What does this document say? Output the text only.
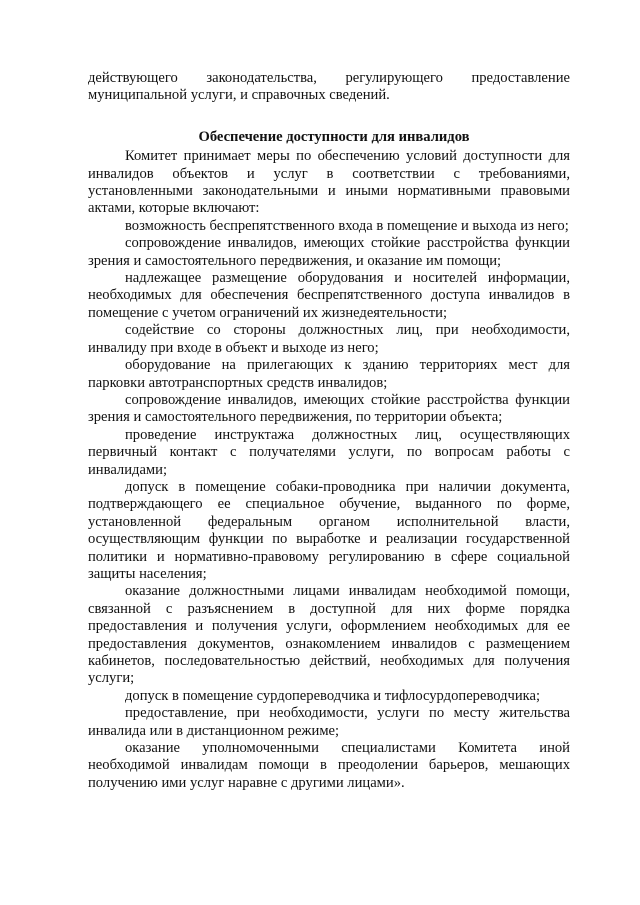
действующего законодательства, регулирующего предоставление муниципальной услуги, и справочных сведений.

Обеспечение доступности для инвалидов

Комитет принимает меры по обеспечению условий доступности для инвалидов объектов и услуг в соответствии с требованиями, установленными законодательными и иными нормативными правовыми актами, которые включают:

возможность беспрепятственного входа в помещение и выхода из него;

сопровождение инвалидов, имеющих стойкие расстройства функции зрения и самостоятельного передвижения, и оказание им помощи;

надлежащее размещение оборудования и носителей информации, необходимых для обеспечения беспрепятственного доступа инвалидов в помещение с учетом ограничений их жизнедеятельности;

содействие со стороны должностных лиц, при необходимости, инвалиду при входе в объект и выходе из него;

оборудование на прилегающих к зданию территориях мест для парковки автотранспортных средств инвалидов;

сопровождение инвалидов, имеющих стойкие расстройства функции зрения и самостоятельного передвижения, по территории объекта;

проведение инструктажа должностных лиц, осуществляющих первичный контакт с получателями услуги, по вопросам работы с инвалидами;

допуск в помещение собаки-проводника при наличии документа, подтверждающего ее специальное обучение, выданного по форме, установленной федеральным органом исполнительной власти, осуществляющим функции по выработке и реализации государственной политики и нормативно-правовому регулированию в сфере социальной защиты населения;

оказание должностными лицами инвалидам необходимой помощи, связанной с разъяснением в доступной для них форме порядка предоставления и получения услуги, оформлением необходимых для ее предоставления документов, ознакомлением инвалидов с размещением кабинетов, последовательностью действий, необходимых для получения услуги;

допуск в помещение сурдопереводчика и тифлосурдопереводчика;

предоставление, при необходимости, услуги по месту жительства инвалида или в дистанционном режиме;

оказание уполномоченными специалистами Комитета иной необходимой инвалидам помощи в преодолении барьеров, мешающих получению ими услуг наравне с другими лицами».
